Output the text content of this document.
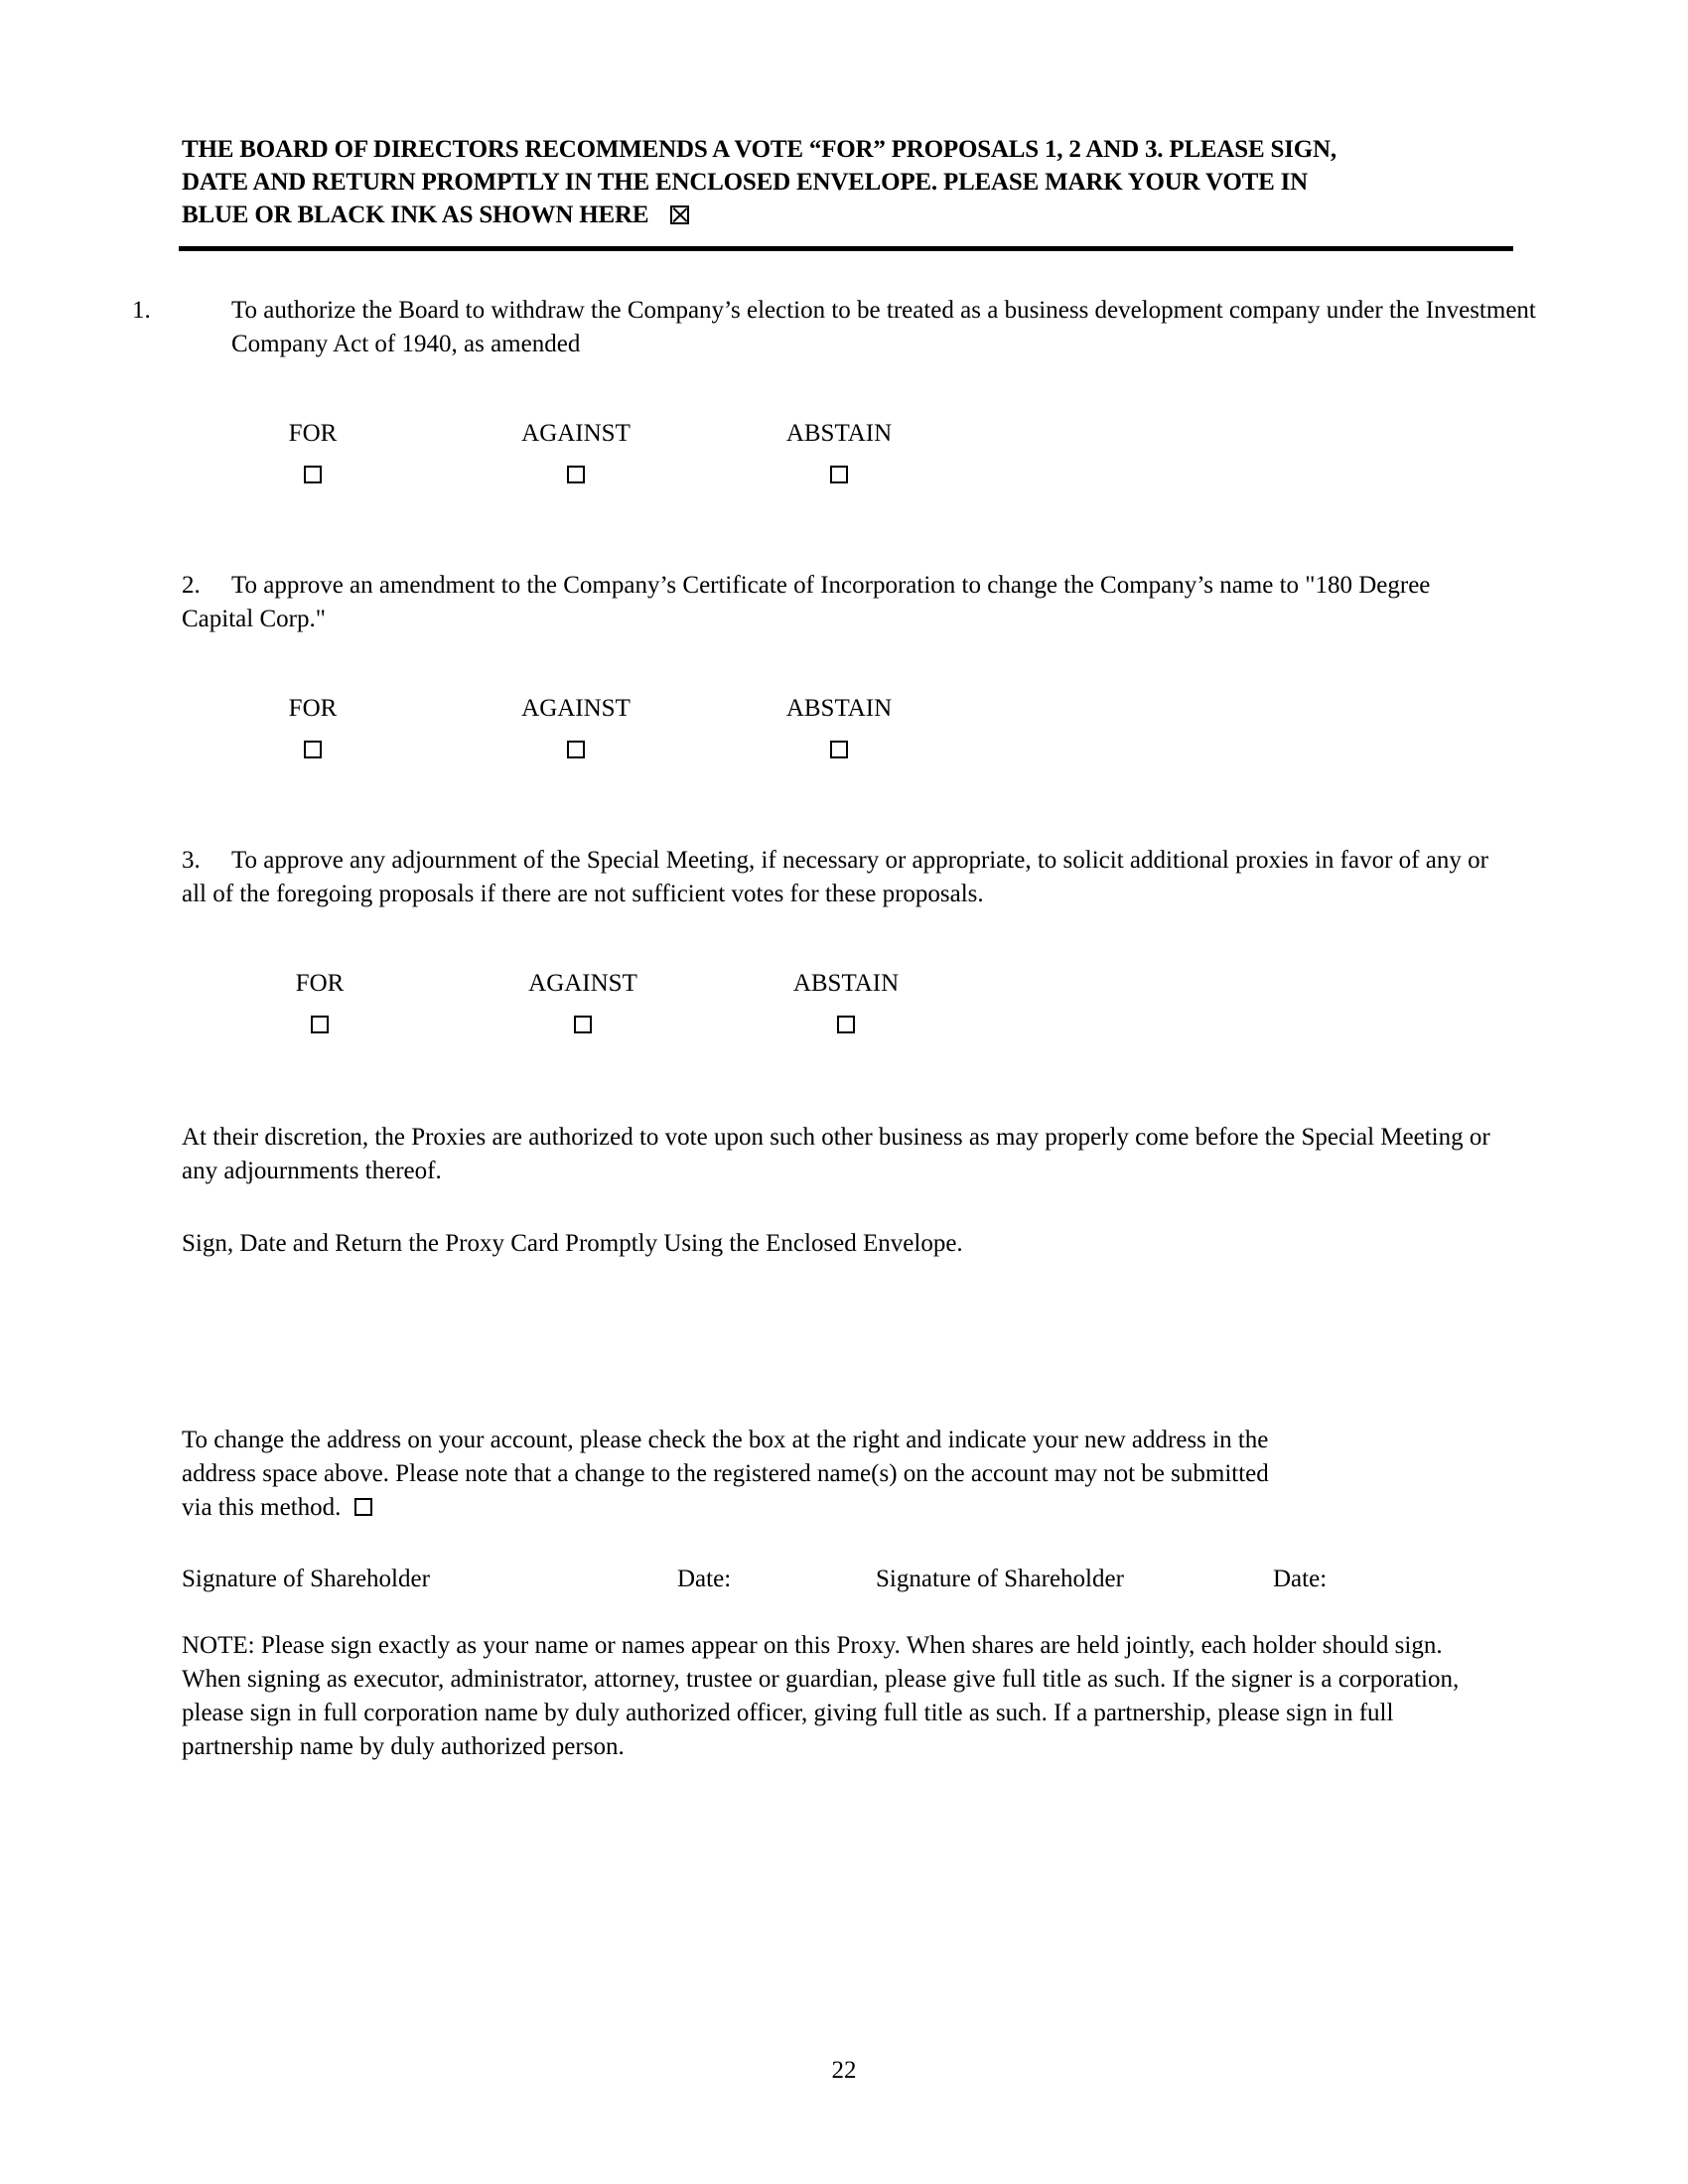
THE BOARD OF DIRECTORS RECOMMENDS A VOTE “FOR” PROPOSALS 1, 2 AND 3. PLEASE SIGN,
DATE AND RETURN PROMPTLY IN THE ENCLOSED ENVELOPE. PLEASE MARK YOUR VOTE IN
BLUE OR BLACK INK AS SHOWN HERE
1.	To authorize the Board to withdraw the Company’s election to be treated as a business development company under the Investment Company Act of 1940, as amended
FOR	AGAINST	ABSTAIN
2. To approve an amendment to the Company’s Certificate of Incorporation to change the Company’s name to "180 Degree Capital Corp."
FOR	AGAINST	ABSTAIN
3. To approve any adjournment of the Special Meeting, if necessary or appropriate, to solicit additional proxies in favor of any or all of the foregoing proposals if there are not sufficient votes for these proposals.
FOR	AGAINST	ABSTAIN
At their discretion, the Proxies are authorized to vote upon such other business as may properly come before the Special Meeting or any adjournments thereof.
Sign, Date and Return the Proxy Card Promptly Using the Enclosed Envelope.
To change the address on your account, please check the box at the right and indicate your new address in the
address space above. Please note that a change to the registered name(s) on the account may not be submitted
via this method.
Signature of Shareholder	Date:	Signature of Shareholder	Date:
NOTE: Please sign exactly as your name or names appear on this Proxy. When shares are held jointly, each holder should sign. When signing as executor, administrator, attorney, trustee or guardian, please give full title as such. If the signer is a corporation, please sign in full corporation name by duly authorized officer, giving full title as such. If a partnership, please sign in full partnership name by duly authorized person.
22
